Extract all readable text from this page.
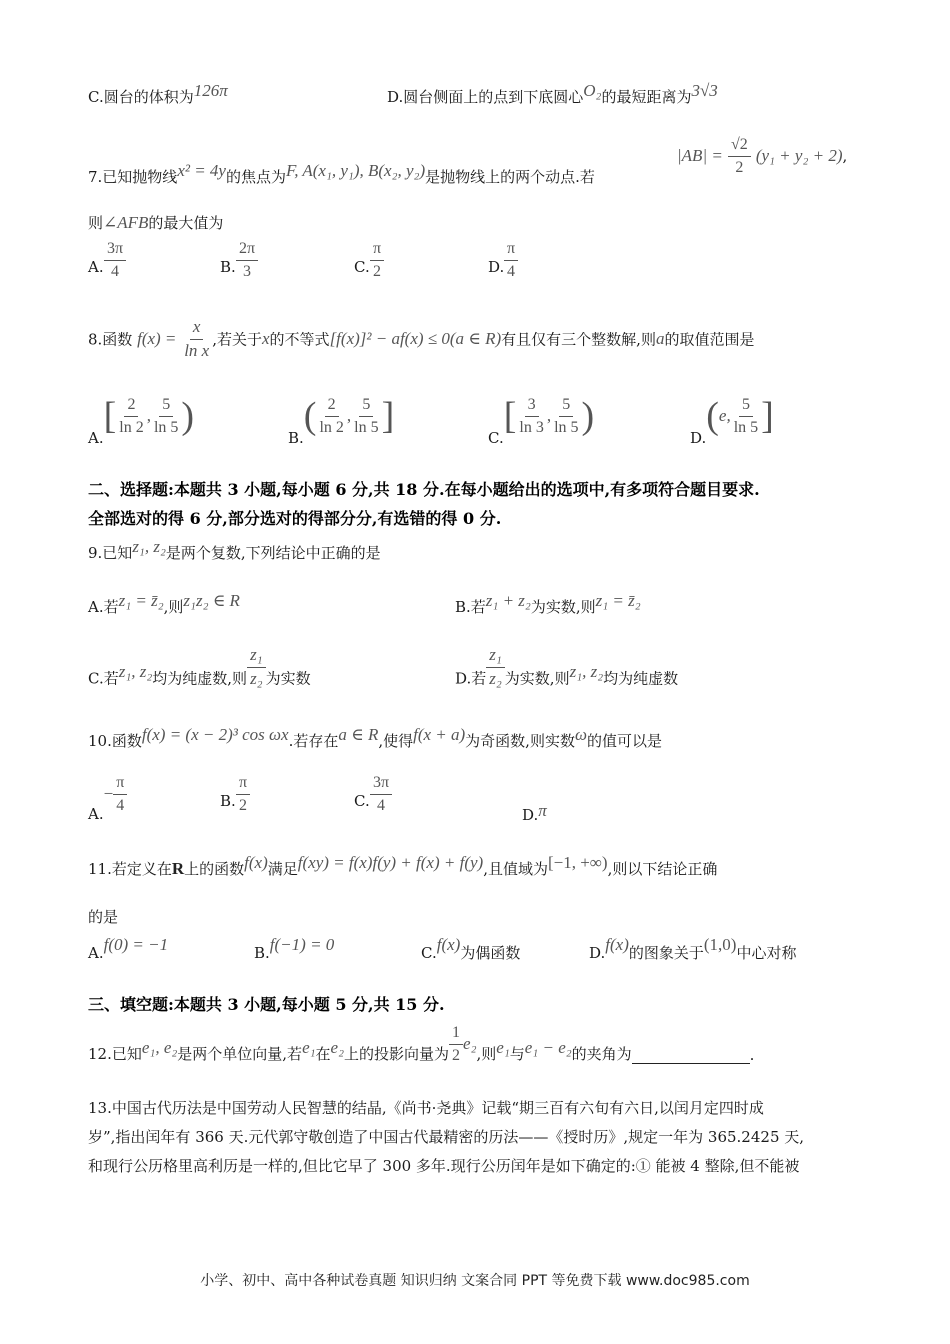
C.圆台的体积为126π	D.圆台侧面上的点到下底圆心O₂的最短距离为3√3
7.已知抛物线x² = 4y的焦点为F, A(x₁, y₁), B(x₂, y₂)是抛物线上的两个动点.若
$|AB| = \frac{√2}{2} (y_1 + y_2 + 2)$,
则∠AFB的最大值为
A. $\frac{3\pi}{4}$	B. $\frac{2\pi}{3}$	C. $\frac{\pi}{2}$	D. $\frac{\pi}{4}$
8.函数 $f(x) = \frac{x}{\text{ln x}}$ ,若关于x的不等式[f(x)]² − af(x) ≤ 0(a ∈ R)有且仅有三个整数解,则a的取值范围是
$A.[ \frac{2}{\ln 2}$ , $\frac{5}{\ln 5}$ )
$B.( \frac{2}{\ln 2}$ , $\frac{5}{\ln 5}$ ]
$C.[ \frac{3}{\ln 3}$ , $\frac{5}{\ln 5}$ )
D.(e, $\frac{5}{\ln 5}$ ]
二、选择题:本题共 3 小题,每小题 6 分,共 18 分.在每小题给出的选项中,有多项符合题目要求.
全部选对的得 6 分,部分选对的得部分分,有选错的得 0 分.
9.已知z₁, z₂是两个复数,下列结论中正确的是
A.若z₁ = z̄₂,则z₁z₂ ∈ R	B.若z₁ + z₂为实数,则z₁ = z̄₂
C.若z₁, z₂均为纯虚数,则 $\frac{\text{z₁}}{\text{z₂}}$ 为实数	D.若 $\frac{\text{z₁}}{\text{z₂}}$ 为实数,则z₁, z₂均为纯虚数
10.函数f(x) = (x − 2)³ cos ωx.若存在a ∈ R,使得f(x + a)为奇函数,则实数ω的值可以是
$A.- \frac{\pi}{4}$	B. $\frac{\pi}{2}$	C. $\frac{3\pi}{4}$
D.π
11.若定义在R上的函数f(x)满足f(xy) = f(x)f(y) + f(x) + f(y),且值域为[−1, +∞),则以下结论正确
的是
A.f(0) = −1	B.f(−1) = 0	C.f(x)为偶函数	D.f(x)的图象关于(1,0)中心对称
三、填空题:本题共 3 小题,每小题 5 分,共 15 分.
12.已知e₁, e₂是两个单位向量,若e₁在e₂上的投影向量为 $\frac{1}{2} e_2$,则e₁与e₁ − e₂的夹角为	.
13.中国古代历法是中国劳动人民智慧的结晶,《尚书·尧典》记载“期三百有六旬有六日,以闰月定四时成
岁”,指出闰年有 366 天.元代郭守敬创造了中国古代最精密的历法——《授时历》,规定一年为 365.2425 天,
和现行公历格里高利历是一样的,但比它早了 300 多年.现行公历闰年是如下确定的:① 能被 4 整除,但不能被
小学、初中、高中各种试卷真题 知识归纳 文案合同 PPT 等免费下载 www.doc985.com
